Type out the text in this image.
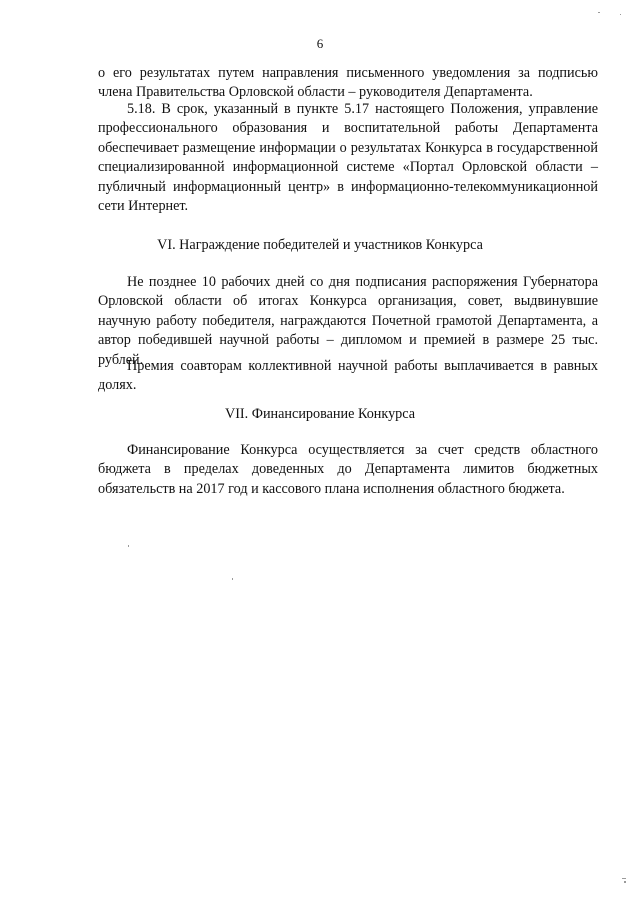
6

о его результатах путем направления письменного уведомления за подписью члена Правительства Орловской области – руководителя Департамента.

5.18. В срок, указанный в пункте 5.17 настоящего Положения, управление профессионального образования и воспитательной работы Департамента обеспечивает размещение информации о результатах Конкурса в государственной специализированной информационной системе «Портал Орловской области – публичный информационный центр» в информационно-телекоммуникационной сети Интернет.

VI. Награждение победителей и участников Конкурса

Не позднее 10 рабочих дней со дня подписания распоряжения Губернатора Орловской области об итогах Конкурса организация, совет, выдвинувшие научную работу победителя, награждаются Почетной грамотой Департамента, а автор победившей научной работы – дипломом и премией в размере 25 тыс. рублей.

Премия соавторам коллективной научной работы выплачивается в равных долях.

VII. Финансирование Конкурса

Финансирование Конкурса осуществляется за счет средств областного бюджета в пределах доведенных до Департамента лимитов бюджетных обязательств на 2017 год и кассового плана исполнения областного бюджета.
